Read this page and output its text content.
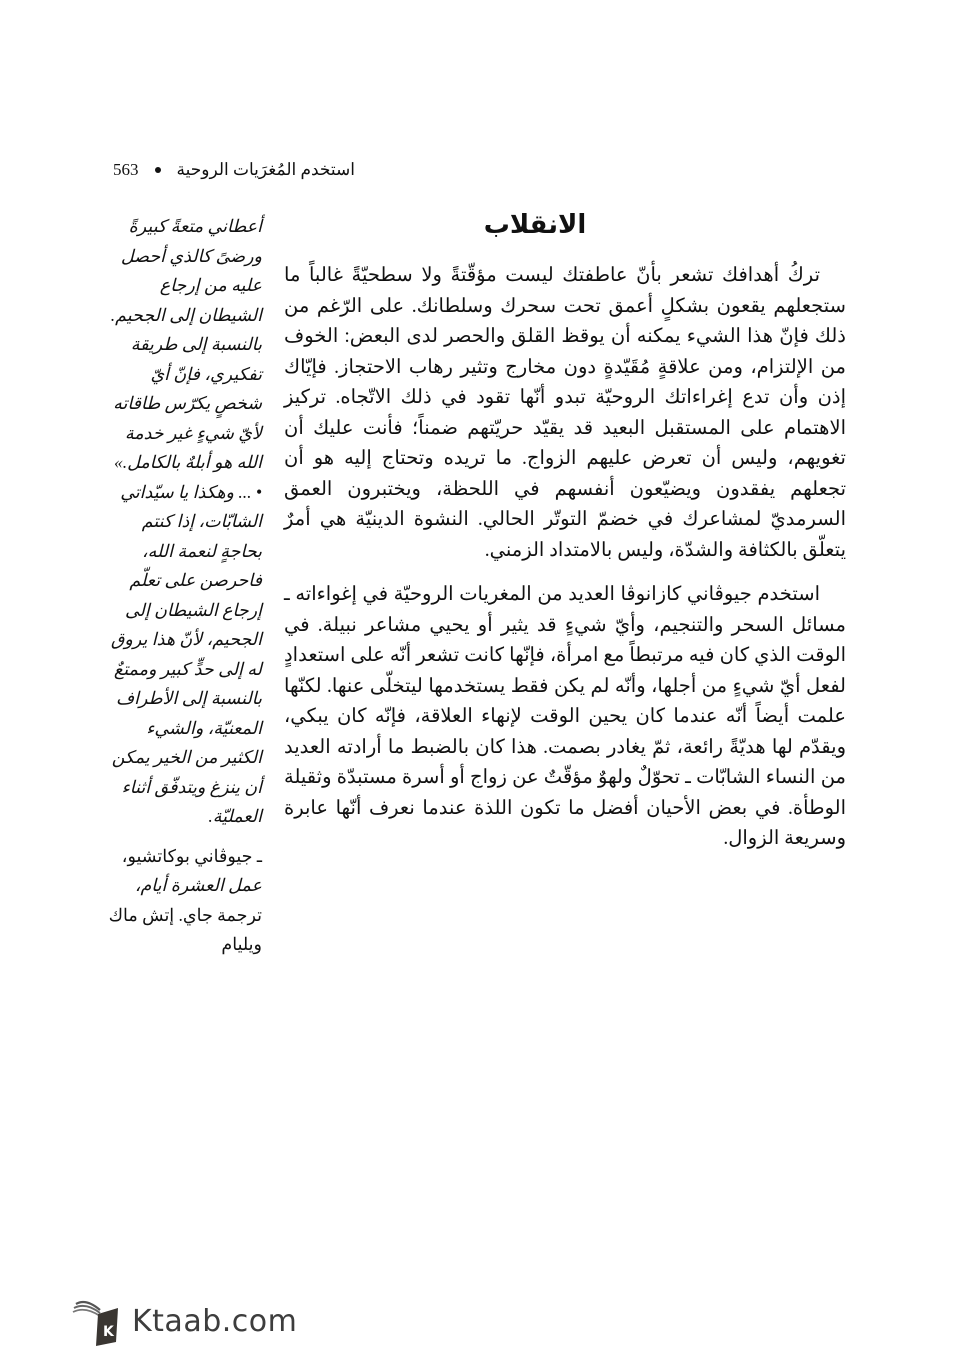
563 استخدم المُغرَيات الروحية
الانقلاب

تركُ أهدافك تشعر بأنّ عاطفتك ليست مؤقّتةً ولا سطحيّةً غالباً ما ستجعلهم يقعون بشكلٍ أعمق تحت سحرك وسلطانك. على الرّغم من ذلك فإنّ هذا الشيء يمكنه أن يوقظ القلق والحصر لدى البعض: الخوف من الإلتزام، ومن علاقةٍ مُقَيّدةٍ دون مخارج وتثير رهاب الاحتجاز. فإيّاك إذن وأن تدع إغراءاتك الروحيّة تبدو أنّها تقود في ذلك الاتّجاه. تركيز الاهتمام على المستقبل البعيد قد يقيّد حريّتهم ضمناً؛ فأنت عليك أن تغويهم، وليس أن تعرض عليهم الزواج. ما تريده وتحتاج إليه هو أن تجعلهم يفقدون ويضيّعون أنفسهم في اللحظة، ويختبرون العمق السرمديّ لمشاعرك في خضمّ التوتّر الحالي. النشوة الدينيّة هي أمرٌ يتعلّق بالكثافة والشدّة، وليس بالامتداد الزمني.

استخدم جيوڤاني كازانوڤا العديد من المغريات الروحيّة في إغواءاته ـ مسائل السحر والتنجيم، وأيّ شيءٍ قد يثير أو يحيي مشاعر نبيلة. في الوقت الذي كان فيه مرتبطاً مع امرأة، فإنّها كانت تشعر أنّه على استعدادٍ لفعل أيّ شيءٍ من أجلها، وأنّه لم يكن فقط يستخدمها ليتخلّى عنها. لكنّها علمت أيضاً أنّه عندما كان يحين الوقت لإنهاء العلاقة، فإنّه كان يبكي، ويقدّم لها هديّةً رائعة، ثمّ يغادر بصمت. هذا كان بالضبط ما أرادته العديد من النساء الشابّات ـ تحوّلٌ ولهوٌ مؤقّتٌ عن زواج أو أسرة مستبدّة وثقيلة الوطأة. في بعض الأحيان أفضل ما تكون اللذة عندما نعرف أنّها عابرة وسريعة الزوال.

أعطاني متعةً كبيرةً ورضىً كالذي أحصل عليه من إرجاع الشيطان إلى الجحيم. بالنسبة إلى طريقة تفكيري، فإنّ أيّ شخصٍ يكرّس طاقاته لأيّ شيءٍ غير خدمة الله هو أبلهٌ بالكامل.» • ... وهكذا يا سيّداتي الشابّات، إذا كنتم بحاجةٍ لنعمة الله، فاحرصن على تعلّم إرجاع الشيطان إلى الجحيم، لأنّ هذا يروق له إلى حدٍّ كبير وممتعٌ بالنسبة إلى الأطراف المعنيّة، والشيء الكثير من الخير يمكن أن ينزغ ويتدفّق أثناء العمليّة.

ـ جيوڤاني بوكاتشيو، عمل العشرة أيام، ترجمة جاي. إتش ماك ويليام

K Ktaab.com
